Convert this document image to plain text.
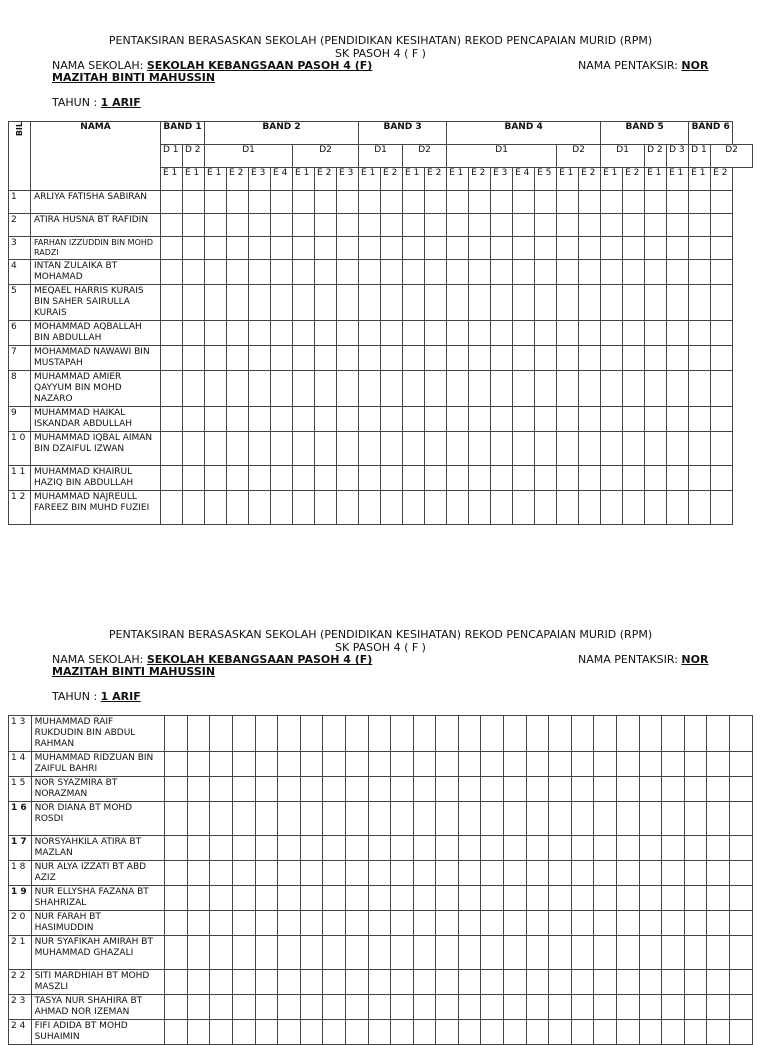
PENTAKSIRAN BERASASKAN SEKOLAH (PENDIDIKAN KESIHATAN) REKOD PENCAPAIAN MURID (RPM)
SK PASOH 4 ( F )
NAMA SEKOLAH: SEKOLAH KEBANGSAAN PASOH 4 (F)	NAMA PENTAKSIR: NOR
MAZITAH BINTI MAHUSSIN
TAHUN : 1 ARIF
BIL	NAMA	BAND 1		BAND 2							BAND 3				BAND 4							BAND 5				BAND 6	
		D 1	D 2	D1				D2			D1		D2		D1					D2		D1		D 2	D 3	D 1	D2
		E 1	E 1	E 1	E 2	E 3	E 4	E 1	E 2	E 3	E 1	E 2	E 1	E 2	E 1	E 2	E 3	E 4	E 5	E 1	E 2	E 1	E 2	E 1	E 1	E 1	E 2
1	ARLIYA FATISHA SABIRAN																										
2	ATIRA HUSNA BT RAFIDIN																										
3	FARHAN IZZUDDIN BIN MOHD RADZI																										
4	INTAN ZULAIKA BT MOHAMAD																										
5	MEQAEL HARRIS KURAIS BIN SAHER SAIRULLA KURAIS																										
6	MOHAMMAD AQBALLAH BIN ABDULLAH																										
7	MOHAMMAD NAWAWI BIN MUSTAPAH																										
8	MUHAMMAD AMIER QAYYUM BIN MOHD NAZARO																										
9	MUHAMMAD HAIKAL ISKANDAR ABDULLAH																										
1 0	MUHAMMAD IQBAL AIMAN BIN DZAIFUL IZWAN																										
1 1	MUHAMMAD KHAIRUL HAZIQ BIN ABDULLAH																										
1 2	MUHAMMAD NAJREULL FAREEZ BIN MUHD FUZIEI																										
PENTAKSIRAN BERASASKAN SEKOLAH (PENDIDIKAN KESIHATAN) REKOD PENCAPAIAN MURID (RPM)
SK PASOH 4 ( F )
NAMA SEKOLAH: SEKOLAH KEBANGSAAN PASOH 4 (F)	NAMA PENTAKSIR: NOR
MAZITAH BINTI MAHUSSIN
TAHUN : 1 ARIF
1 3	MUHAMMAD RAIF RUKDUDIN BIN ABDUL RAHMAN																										
1 4	MUHAMMAD RIDZUAN BIN ZAIFUL BAHRI																										
1 5	NOR SYAZMIRA BT NORAZMAN																										
1 6	NOR DIANA BT MOHD ROSDI																										
1 7	NORSYAHKILA ATIRA BT MAZLAN																										
1 8	NUR ALYA IZZATI BT ABD AZIZ																										
1 9	NUR ELLYSHA FAZANA BT SHAHRIZAL																										
2 0	NUR FARAH BT HASIMUDDIN																										
2 1	NUR SYAFIKAH AMIRAH BT MUHAMMAD GHAZALI																										
2 2	SITI MARDHIAH BT MOHD MASZLI																										
2 3	TASYA NUR SHAHIRA BT AHMAD NOR IZEMAN																										
2 4	FIFI ADIDA BT MOHD SUHAIMIN																										
